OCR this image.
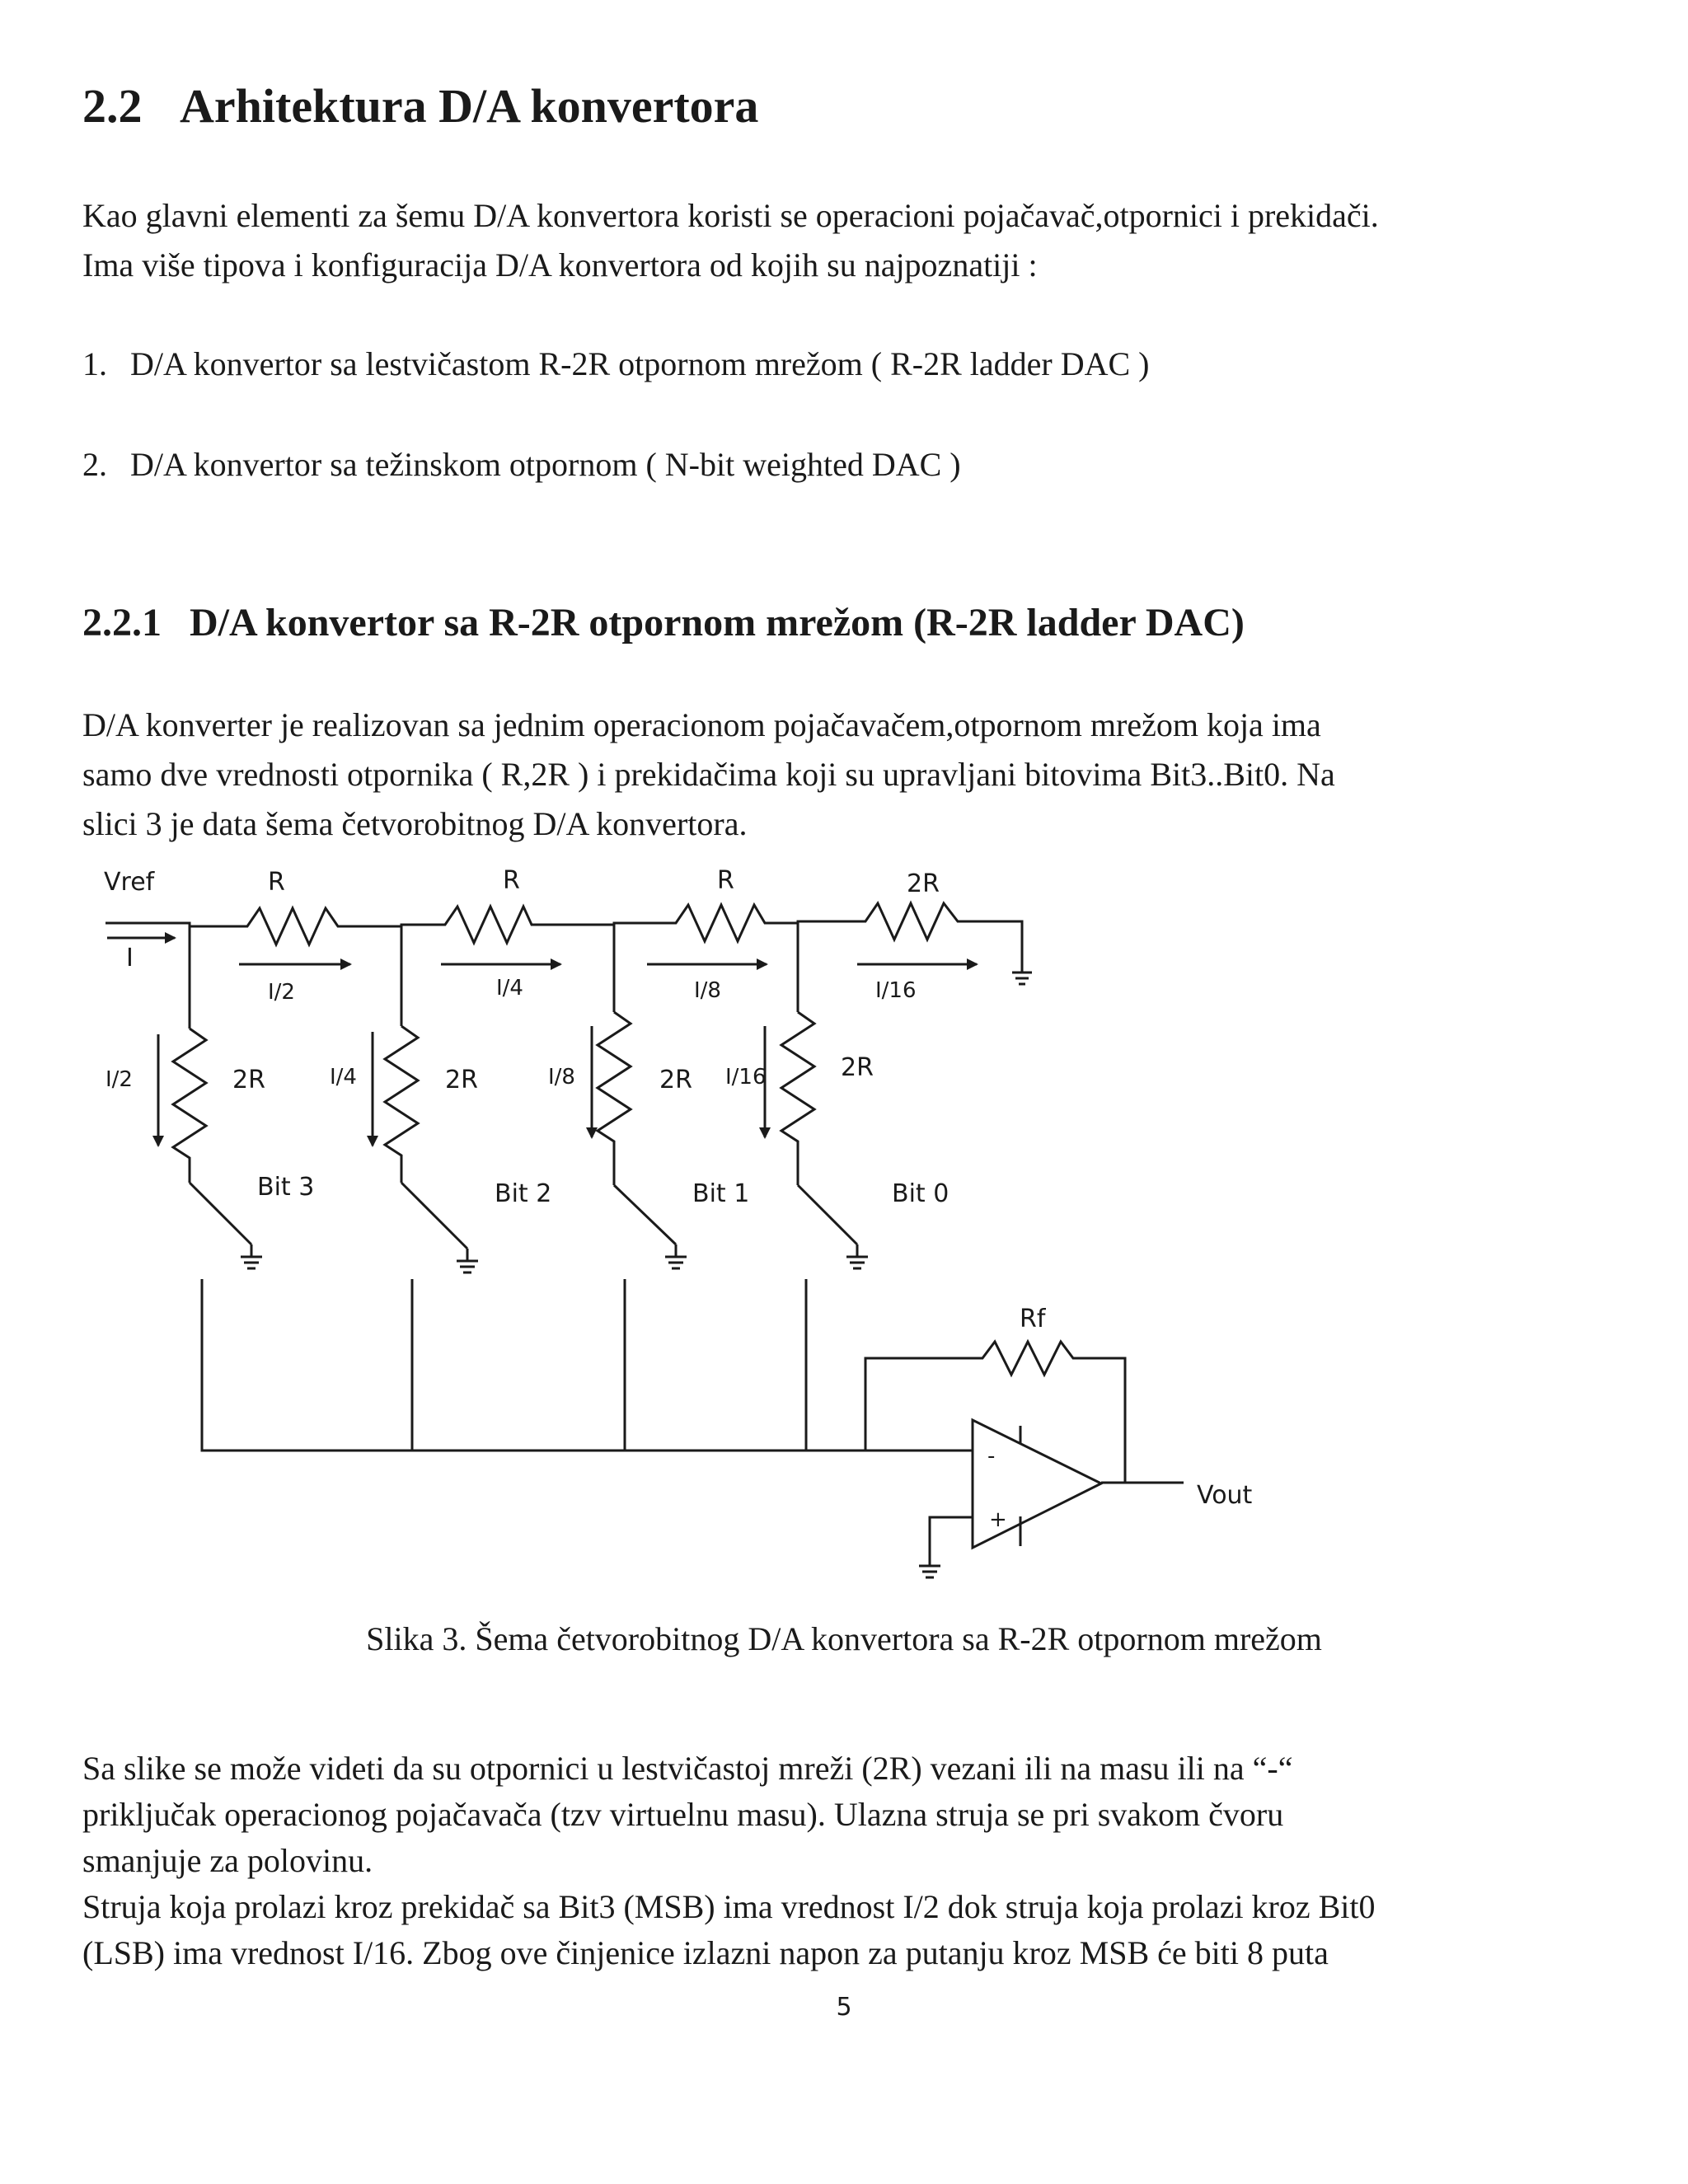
2.2 Arhitektura D/A konvertora

Kao glavni elementi za šemu D/A konvertora koristi se operacioni pojačavač,otpornici i prekidači.
Ima više tipova i konfiguracija D/A konvertora od kojih su najpoznatiji :

1. D/A konvertor sa lestvičastom R-2R otpornom mrežom ( R-2R ladder DAC )

2. D/A konvertor sa težinskom otpornom ( N-bit weighted DAC )

2.2.1 D/A konvertor sa R-2R otpornom mrežom (R-2R ladder DAC)

D/A konverter je realizovan sa jednim operacionom pojačavačem,otpornom mrežom koja ima
samo dve vrednosti otpornika ( R,2R ) i prekidačima koji su upravljani bitovima Bit3..Bit0. Na
slici 3 je data šema četvorobitnog D/A konvertora.

Vref
I
R	R	R	2R
I/2	I/4	I/8	I/16
I/2	I/4	I/8	I/16
2R	2R	2R	2R
Bit 3	Bit 2	Bit 1	Bit 0
Rf
-
+
Vout

Slika 3. Šema četvorobitnog D/A konvertora sa R-2R otpornom mrežom

Sa slike se može videti da su otpornici u lestvičastoj mreži (2R) vezani ili na masu ili na “-“
priključak operacionog pojačavača (tzv virtuelnu masu). Ulazna struja se pri svakom čvoru
smanjuje za polovinu.
Struja koja prolazi kroz prekidač sa Bit3 (MSB) ima vrednost I/2 dok struja koja prolazi kroz Bit0
(LSB) ima vrednost I/16. Zbog ove činjenice izlazni napon za putanju kroz MSB će biti 8 puta

5
